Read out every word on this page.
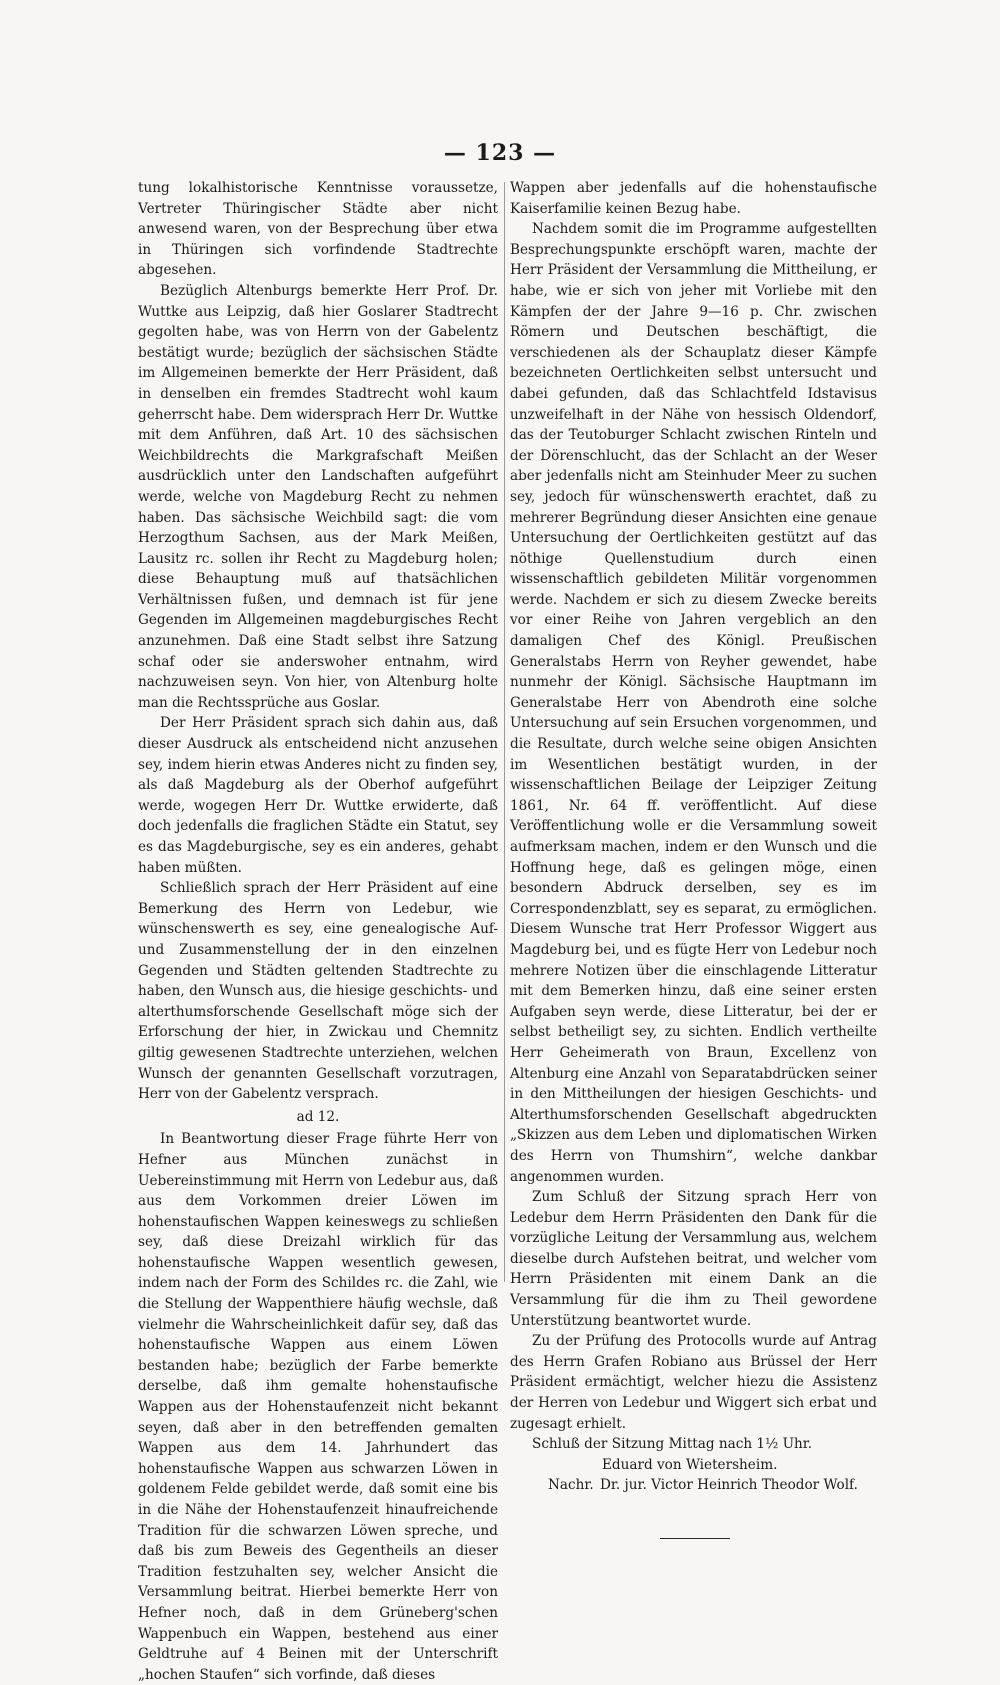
— 123 —

tung lokalhistorische Kenntnisse voraussetze, Vertreter Thüringischer Städte aber nicht anwesend waren, von der Besprechung über etwa in Thüringen sich vorfindende Stadtrechte abgesehen.

Bezüglich Altenburgs bemerkte Herr Prof. Dr. Wuttke aus Leipzig, daß hier Goslarer Stadtrecht gegolten habe, was von Herrn von der Gabelentz bestätigt wurde; bezüglich der sächsischen Städte im Allgemeinen bemerkte der Herr Präsident, daß in denselben ein fremdes Stadtrecht wohl kaum geherrscht habe. Dem widersprach Herr Dr. Wuttke mit dem Anführen, daß Art. 10 des sächsischen Weichbildrechts die Markgrafschaft Meißen ausdrücklich unter den Landschaften aufgeführt werde, welche von Magdeburg Recht zu nehmen haben. Das sächsische Weichbild sagt: die vom Herzogthum Sachsen, aus der Mark Meißen, Lausitz rc. sollen ihr Recht zu Magdeburg holen; diese Behauptung muß auf thatsächlichen Verhältnissen fußen, und demnach ist für jene Gegenden im Allgemeinen magdeburgisches Recht anzunehmen. Daß eine Stadt selbst ihre Satzung schaf oder sie anderswoher entnahm, wird nachzuweisen seyn. Von hier, von Altenburg holte man die Rechtssprüche aus Goslar.

Der Herr Präsident sprach sich dahin aus, daß dieser Ausdruck als entscheidend nicht anzusehen sey, indem hierin etwas Anderes nicht zu finden sey, als daß Magdeburg als der Oberhof aufgeführt werde, wogegen Herr Dr. Wuttke erwiderte, daß doch jedenfalls die fraglichen Städte ein Statut, sey es das Magdeburgische, sey es ein anderes, gehabt haben müßten.

Schließlich sprach der Herr Präsident auf eine Bemerkung des Herrn von Ledebur, wie wünschenswerth es sey, eine genealogische Auf- und Zusammenstellung der in den einzelnen Gegenden und Städten geltenden Stadtrechte zu haben, den Wunsch aus, die hiesige geschichts- und alterthumsforschende Gesellschaft möge sich der Erforschung der hier, in Zwickau und Chemnitz giltig gewesenen Stadtrechte unterziehen, welchen Wunsch der genannten Gesellschaft vorzutragen, Herr von der Gabelentz versprach.

ad 12.

In Beantwortung dieser Frage führte Herr von Hefner aus München zunächst in Uebereinstimmung mit Herrn von Ledebur aus, daß aus dem Vorkommen dreier Löwen im hohenstaufischen Wappen keineswegs zu schließen sey, daß diese Dreizahl wirklich für das hohenstaufische Wappen wesentlich gewesen, indem nach der Form des Schildes rc. die Zahl, wie die Stellung der Wappenthiere häufig wechsle, daß vielmehr die Wahrscheinlichkeit dafür sey, daß das hohenstaufische Wappen aus einem Löwen bestanden habe; bezüglich der Farbe bemerkte derselbe, daß ihm gemalte hohenstaufische Wappen aus der Hohenstaufenzeit nicht bekannt seyen, daß aber in den betreffenden gemalten Wappen aus dem 14. Jahrhundert das hohenstaufische Wappen aus schwarzen Löwen in goldenem Felde gebildet werde, daß somit eine bis in die Nähe der Hohenstaufenzeit hinaufreichende Tradition für die schwarzen Löwen spreche, und daß bis zum Beweis des Gegentheils an dieser Tradition festzuhalten sey, welcher Ansicht die Versammlung beitrat. Hierbei bemerkte Herr von Hefner noch, daß in dem Grüneberg'schen Wappenbuch ein Wappen, bestehend aus einer Geldtruhe auf 4 Beinen mit der Unterschrift „hochen Staufen“ sich vorfinde, daß dieses

Wappen aber jedenfalls auf die hohenstaufische Kaiserfamilie keinen Bezug habe.

Nachdem somit die im Programme aufgestellten Besprechungspunkte erschöpft waren, machte der Herr Präsident der Versammlung die Mittheilung, er habe, wie er sich von jeher mit Vorliebe mit den Kämpfen der der Jahre 9—16 p. Chr. zwischen Römern und Deutschen beschäftigt, die verschiedenen als der Schauplatz dieser Kämpfe bezeichneten Oertlichkeiten selbst untersucht und dabei gefunden, daß das Schlachtfeld Idstavisus unzweifelhaft in der Nähe von hessisch Oldendorf, das der Teutoburger Schlacht zwischen Rinteln und der Dörenschlucht, das der Schlacht an der Weser aber jedenfalls nicht am Steinhuder Meer zu suchen sey, jedoch für wünschenswerth erachtet, daß zu mehrerer Begründung dieser Ansichten eine genaue Untersuchung der Oertlichkeiten gestützt auf das nöthige Quellenstudium durch einen wissenschaftlich gebildeten Militär vorgenommen werde. Nachdem er sich zu diesem Zwecke bereits vor einer Reihe von Jahren vergeblich an den damaligen Chef des Königl. Preußischen Generalstabs Herrn von Reyher gewendet, habe nunmehr der Königl. Sächsische Hauptmann im Generalstabe Herr von Abendroth eine solche Untersuchung auf sein Ersuchen vorgenommen, und die Resultate, durch welche seine obigen Ansichten im Wesentlichen bestätigt wurden, in der wissenschaftlichen Beilage der Leipziger Zeitung 1861, Nr. 64 ff. veröffentlicht. Auf diese Veröffentlichung wolle er die Versammlung soweit aufmerksam machen, indem er den Wunsch und die Hoffnung hege, daß es gelingen möge, einen besondern Abdruck derselben, sey es im Correspondenzblatt, sey es separat, zu ermöglichen. Diesem Wunsche trat Herr Professor Wiggert aus Magdeburg bei, und es fügte Herr von Ledebur noch mehrere Notizen über die einschlagende Litteratur mit dem Bemerken hinzu, daß eine seiner ersten Aufgaben seyn werde, diese Litteratur, bei der er selbst betheiligt sey, zu sichten. Endlich vertheilte Herr Geheimerath von Braun, Excellenz von Altenburg eine Anzahl von Separatabdrücken seiner in den Mittheilungen der hiesigen Geschichts- und Alterthumsforschenden Gesellschaft abgedruckten „Skizzen aus dem Leben und diplomatischen Wirken des Herrn von Thumshirn“, welche dankbar angenommen wurden.

Zum Schluß der Sitzung sprach Herr von Ledebur dem Herrn Präsidenten den Dank für die vorzügliche Leitung der Versammlung aus, welchem dieselbe durch Aufstehen beitrat, und welcher vom Herrn Präsidenten mit einem Dank an die Versammlung für die ihm zu Theil gewordene Unterstützung beantwortet wurde.

Zu der Prüfung des Protocolls wurde auf Antrag des Herrn Grafen Robiano aus Brüssel der Herr Präsident ermächtigt, welcher hiezu die Assistenz der Herren von Ledebur und Wiggert sich erbat und zugesagt erhielt.

Schluß der Sitzung Mittag nach 1½ Uhr.

Eduard von Wietersheim.

Nachr. Dr. jur. Victor Heinrich Theodor Wolf.
